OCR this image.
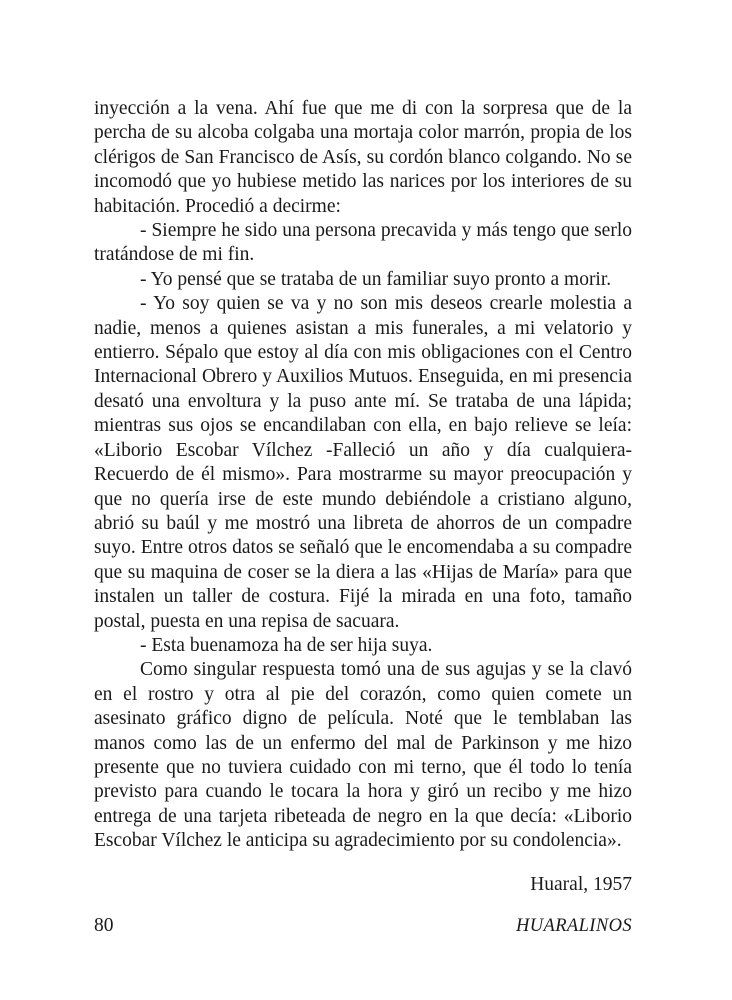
inyección a la vena. Ahí fue que me di con la sorpresa que de la percha de su alcoba colgaba una mortaja color marrón, propia de los clérigos de San Francisco de Asís, su cordón blanco colgando. No se incomodó que yo hubiese metido las narices por los interiores de su habitación. Procedió a decirme:

- Siempre he sido una persona precavida y más tengo que serlo tratándose de mi fin.

- Yo pensé que se trataba de un familiar suyo pronto a morir.

- Yo soy quien se va y no son mis deseos crearle molestia a nadie, menos a quienes asistan a mis funerales, a mi velatorio y entierro. Sépalo que estoy al día con mis obligaciones con el Centro Internacional Obrero y Auxilios Mutuos. Enseguida, en mi presencia desató una envoltura y la puso ante mí. Se trataba de una lápida; mientras sus ojos se encandilaban con ella, en bajo relieve se leía: «Liborio Escobar Vílchez -Falleció un año y día cualquiera- Recuerdo de él mismo». Para mostrarme su mayor preocupación y que no quería irse de este mundo debiéndole a cristiano alguno, abrió su baúl y me mostró una libreta de ahorros de un compadre suyo. Entre otros datos se señaló que le encomendaba a su compadre que su maquina de coser se la diera a las «Hijas de María» para que instalen un taller de costura. Fijé la mirada en una foto, tamaño postal, puesta en una repisa de sacuara.

- Esta buenamoza ha de ser hija suya.

Como singular respuesta tomó una de sus agujas y se la clavó en el rostro y otra al pie del corazón, como quien comete un asesinato gráfico digno de película. Noté que le temblaban las manos como las de un enfermo del mal de Parkinson y me hizo presente que no tuviera cuidado con mi terno, que él todo lo tenía previsto para cuando le tocara la hora y giró un recibo y me hizo entrega de una tarjeta ribeteada de negro en la que decía: «Liborio Escobar Vílchez le anticipa su agradecimiento por su condolencia».

Huaral, 1957
80	HUARALINOS
